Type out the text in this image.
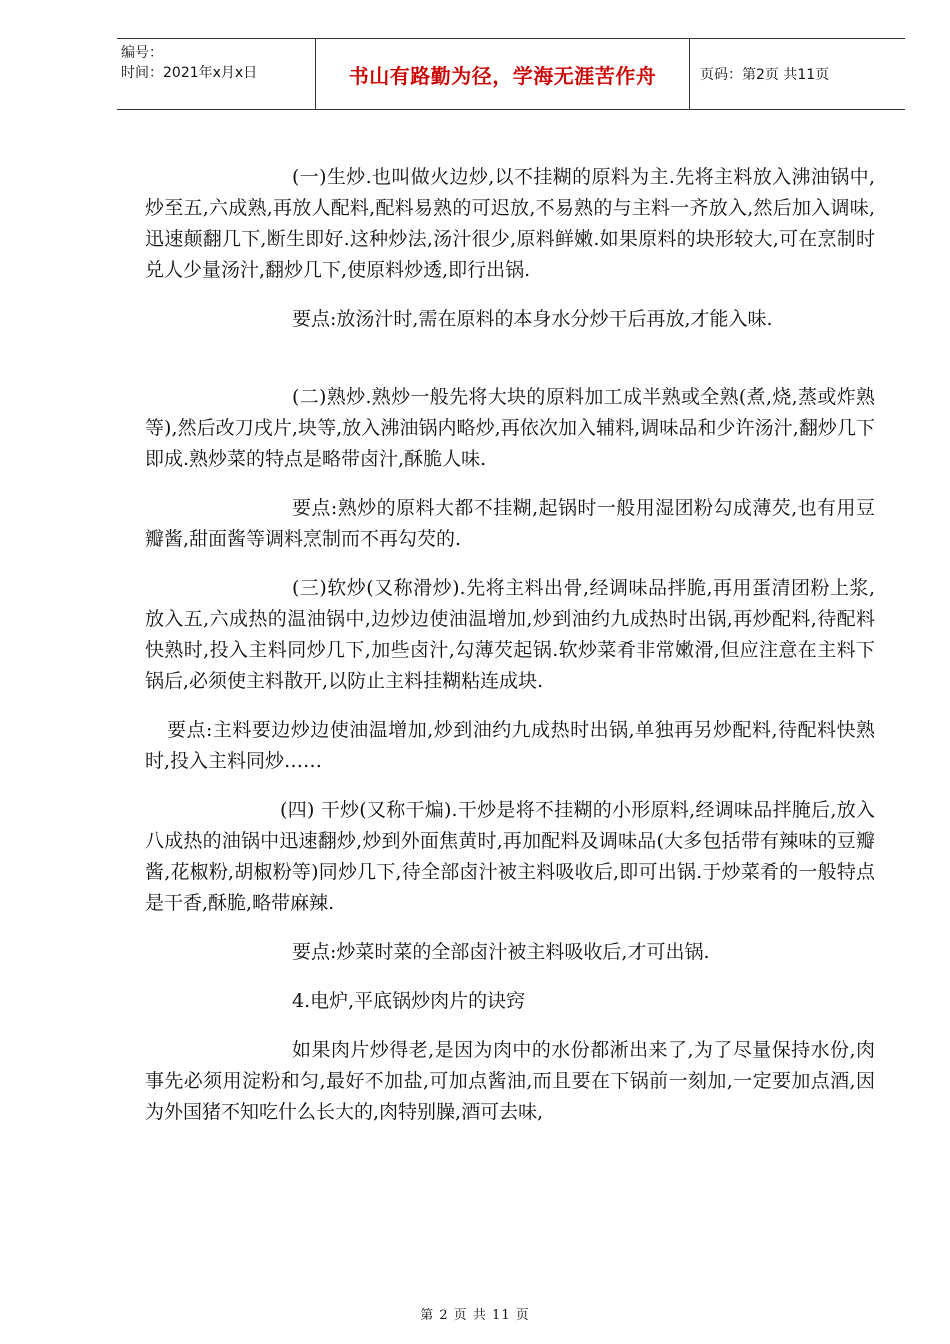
编号：
时间：2021年x月x日	书山有路勤为径，学海无涯苦作舟	页码：第2页 共11页

(一)生炒.也叫做火边炒,以不挂糊的原料为主.先将主料放入沸油锅中,炒至五,六成熟,再放人配料,配料易熟的可迟放,不易熟的与主料一齐放入,然后加入调味,迅速颠翻几下,断生即好.这种炒法,汤汁很少,原料鲜嫩.如果原料的块形较大,可在烹制时兑人少量汤汁,翻炒几下,使原料炒透,即行出锅.

要点:放汤汁时,需在原料的本身水分炒干后再放,才能入味.

(二)熟炒.熟炒一般先将大块的原料加工成半熟或全熟(煮,烧,蒸或炸熟等),然后改刀戌片,块等,放入沸油锅内略炒,再依次加入辅料,调味品和少许汤汁,翻炒几下即成.熟炒菜的特点是略带卤汁,酥脆人味.

要点:熟炒的原料大都不挂糊,起锅时一般用湿团粉勾成薄芡,也有用豆瓣酱,甜面酱等调料烹制而不再勾芡的.

(三)软炒(又称滑炒).先将主料出骨,经调味品拌脆,再用蛋清团粉上浆,放入五,六成热的温油锅中,边炒边使油温增加,炒到油约九成热时出锅,再炒配料,待配料快熟时,投入主料同炒几下,加些卤汁,勾薄芡起锅.软炒菜肴非常嫩滑,但应注意在主料下锅后,必须使主料散开,以防止主料挂糊粘连成块.

要点:主料要边炒边使油温增加,炒到油约九成热时出锅,单独再另炒配料,待配料快熟时,投入主料同炒……

(四) 干炒(又称干煸).干炒是将不挂糊的小形原料,经调味品拌腌后,放入八成热的油锅中迅速翻炒,炒到外面焦黄时,再加配料及调味品(大多包括带有辣味的豆瓣酱,花椒粉,胡椒粉等)同炒几下,待全部卤汁被主料吸收后,即可出锅.于炒菜肴的一般特点是干香,酥脆,略带麻辣.

要点:炒菜时菜的全部卤汁被主料吸收后,才可出锅.

4.电炉,平底锅炒肉片的诀窍

如果肉片炒得老,是因为肉中的水份都淅出来了,为了尽量保持水份,肉事先必须用淀粉和匀,最好不加盐,可加点酱油,而且要在下锅前一刻加,一定要加点酒,因为外国猪不知吃什么长大的,肉特别臊,酒可去味,

第 2 页 共 11 页
